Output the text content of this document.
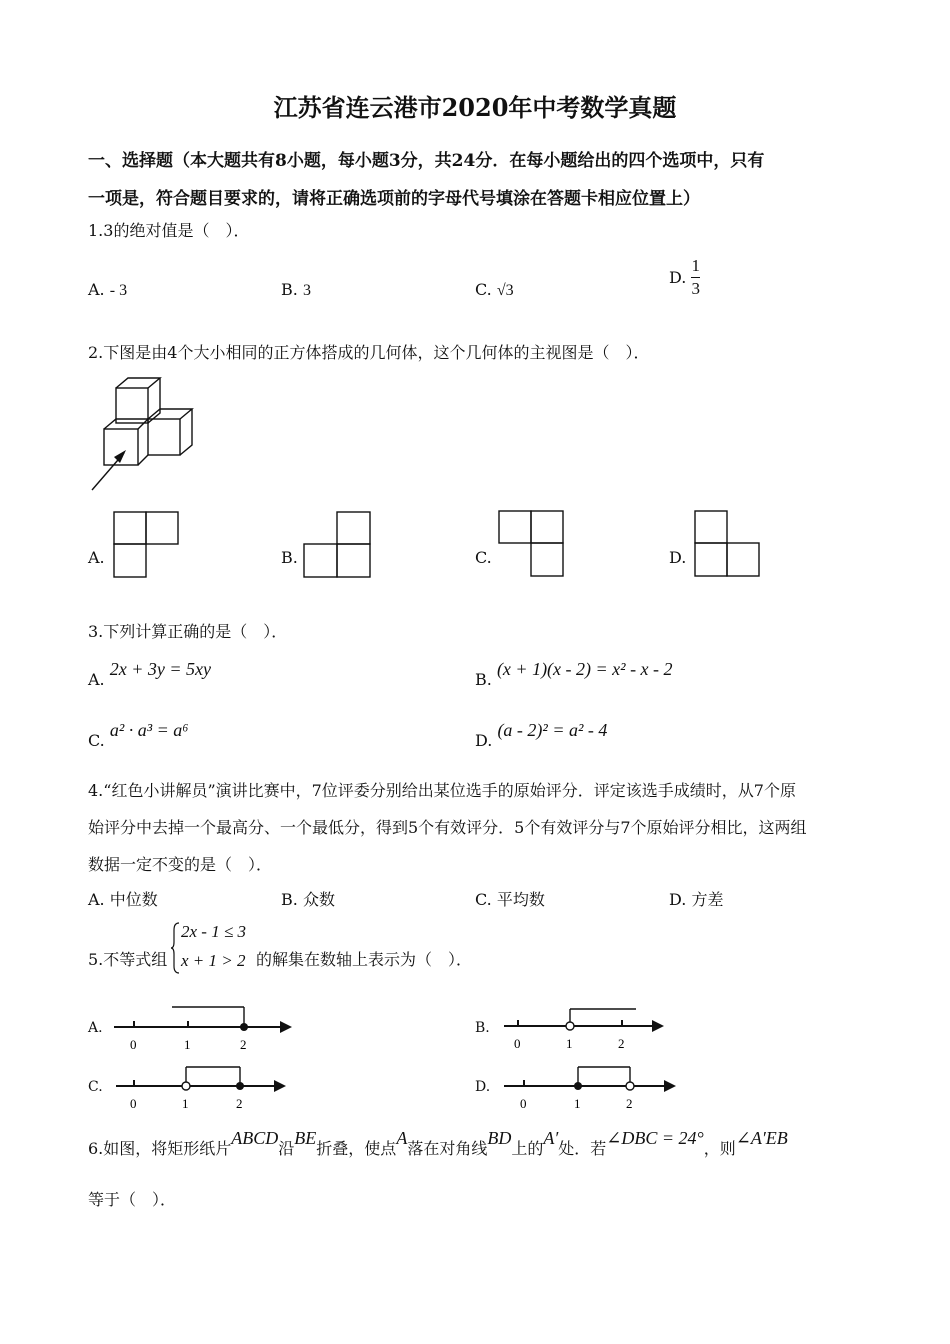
江苏省连云港市2020年中考数学真题
一、选择题（本大题共有8小题，每小题3分，共24分．在每小题给出的四个选项中，只有
一项是，符合题目要求的，请将正确选项前的字母代号填涂在答题卡相应位置上）
1.3的绝对值是（　）．
A. - 3	B. 3	C. √3
D. $\frac{1}{3}$
2.下图是由4个大小相同的正方体搭成的几何体，这个几何体的主视图是（　）．
A.	B.	C.	D.
3.下列计算正确的是（　）．
A. 2x + 3y = 5xy
B. (x + 1)(x - 2) = x² - x - 2
C. a² · a³ = a⁶
D. (a - 2)² = a² - 4
4.“红色小讲解员”演讲比赛中，7位评委分别给出某位选手的原始评分．评定该选手成绩时，从7个原
始评分中去掉一个最高分、一个最低分，得到5个有效评分．5个有效评分与7个原始评分相比，这两组
数据一定不变的是（　）．
A. 中位数	B. 众数	C. 平均数	D. 方差
5.不等式组
2x - 1 ≤ 3
x + 1 > 2 的解集在数轴上表示为（　）．
A.
0	1	2
B.
0	1	2
C.
0	1	2
D.
0	1	2
6.如图，将矩形纸片ABCD沿BE折叠，使点A落在对角线BD上的A′处．若∠DBC = 24°，则∠A′EB
等于（　）．
